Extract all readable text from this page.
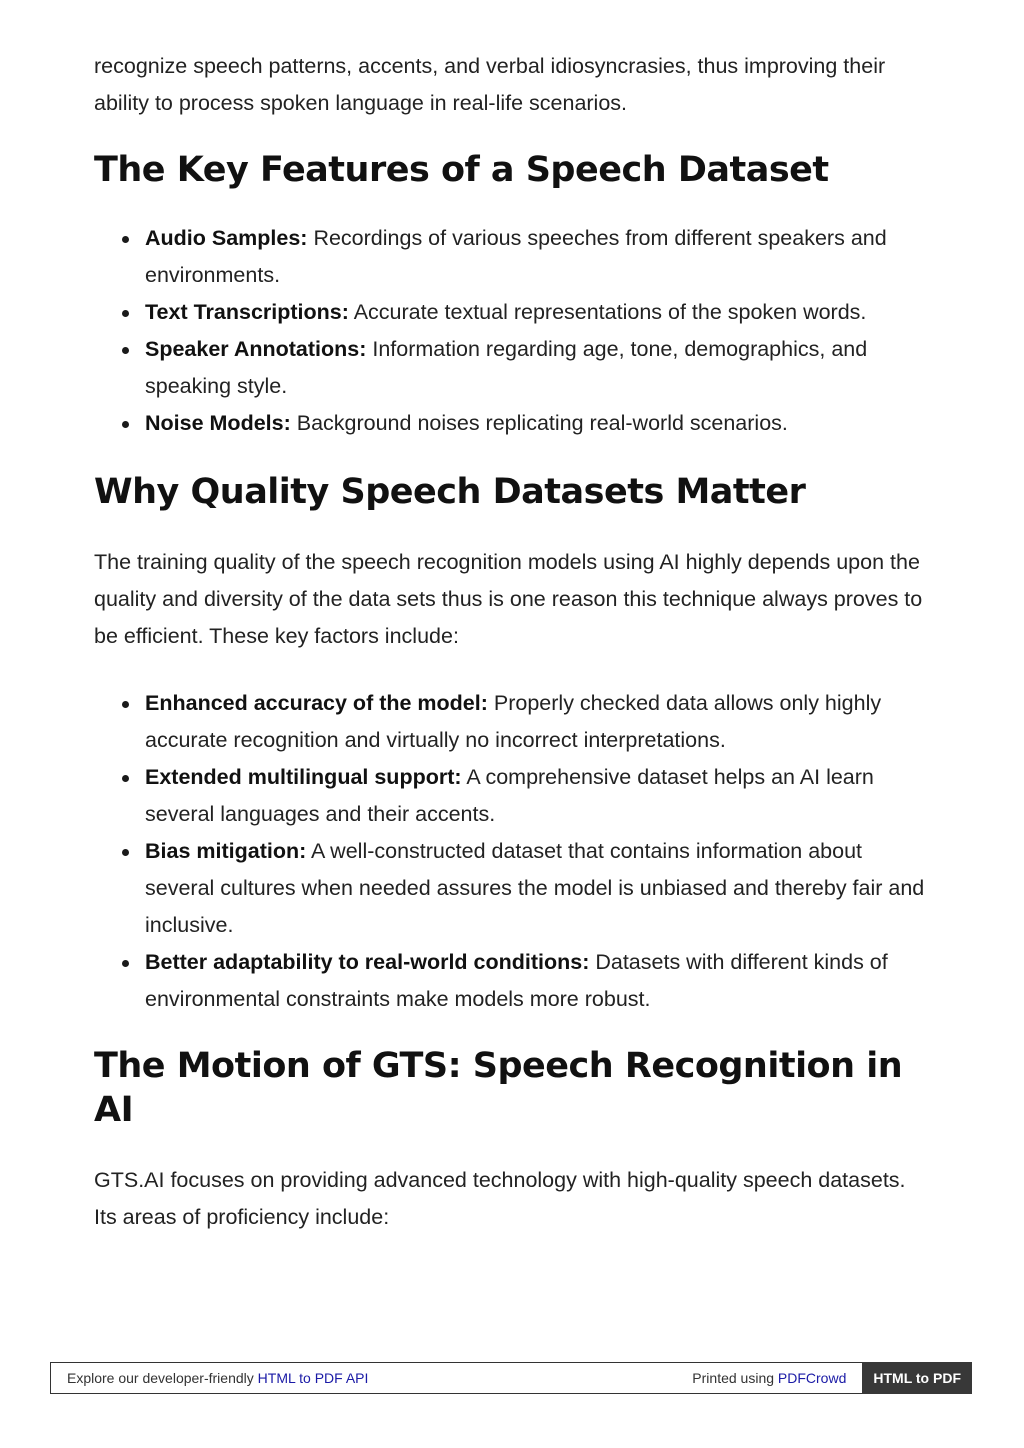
recognize speech patterns, accents, and verbal idiosyncrasies, thus improving their ability to process spoken language in real-life scenarios.

The Key Features of a Speech Dataset
Audio Samples: Recordings of various speeches from different speakers and environments.
Text Transcriptions: Accurate textual representations of the spoken words.
Speaker Annotations: Information regarding age, tone, demographics, and speaking style.
Noise Models: Background noises replicating real-world scenarios.
Why Quality Speech Datasets Matter

The training quality of the speech recognition models using AI highly depends upon the quality and diversity of the data sets thus is one reason this technique always proves to be efficient. These key factors include:

Enhanced accuracy of the model: Properly checked data allows only highly accurate recognition and virtually no incorrect interpretations.
Extended multilingual support: A comprehensive dataset helps an AI learn several languages and their accents.
Bias mitigation: A well-constructed dataset that contains information about several cultures when needed assures the model is unbiased and thereby fair and inclusive.
Better adaptability to real-world conditions: Datasets with different kinds of environmental constraints make models more robust.
The Motion of GTS: Speech Recognition in AI

GTS.AI focuses on providing advanced technology with high-quality speech datasets. Its areas of proficiency include:

Explore our developer-friendly HTML to PDF API	Printed using PDFCrowd	HTML to PDF
